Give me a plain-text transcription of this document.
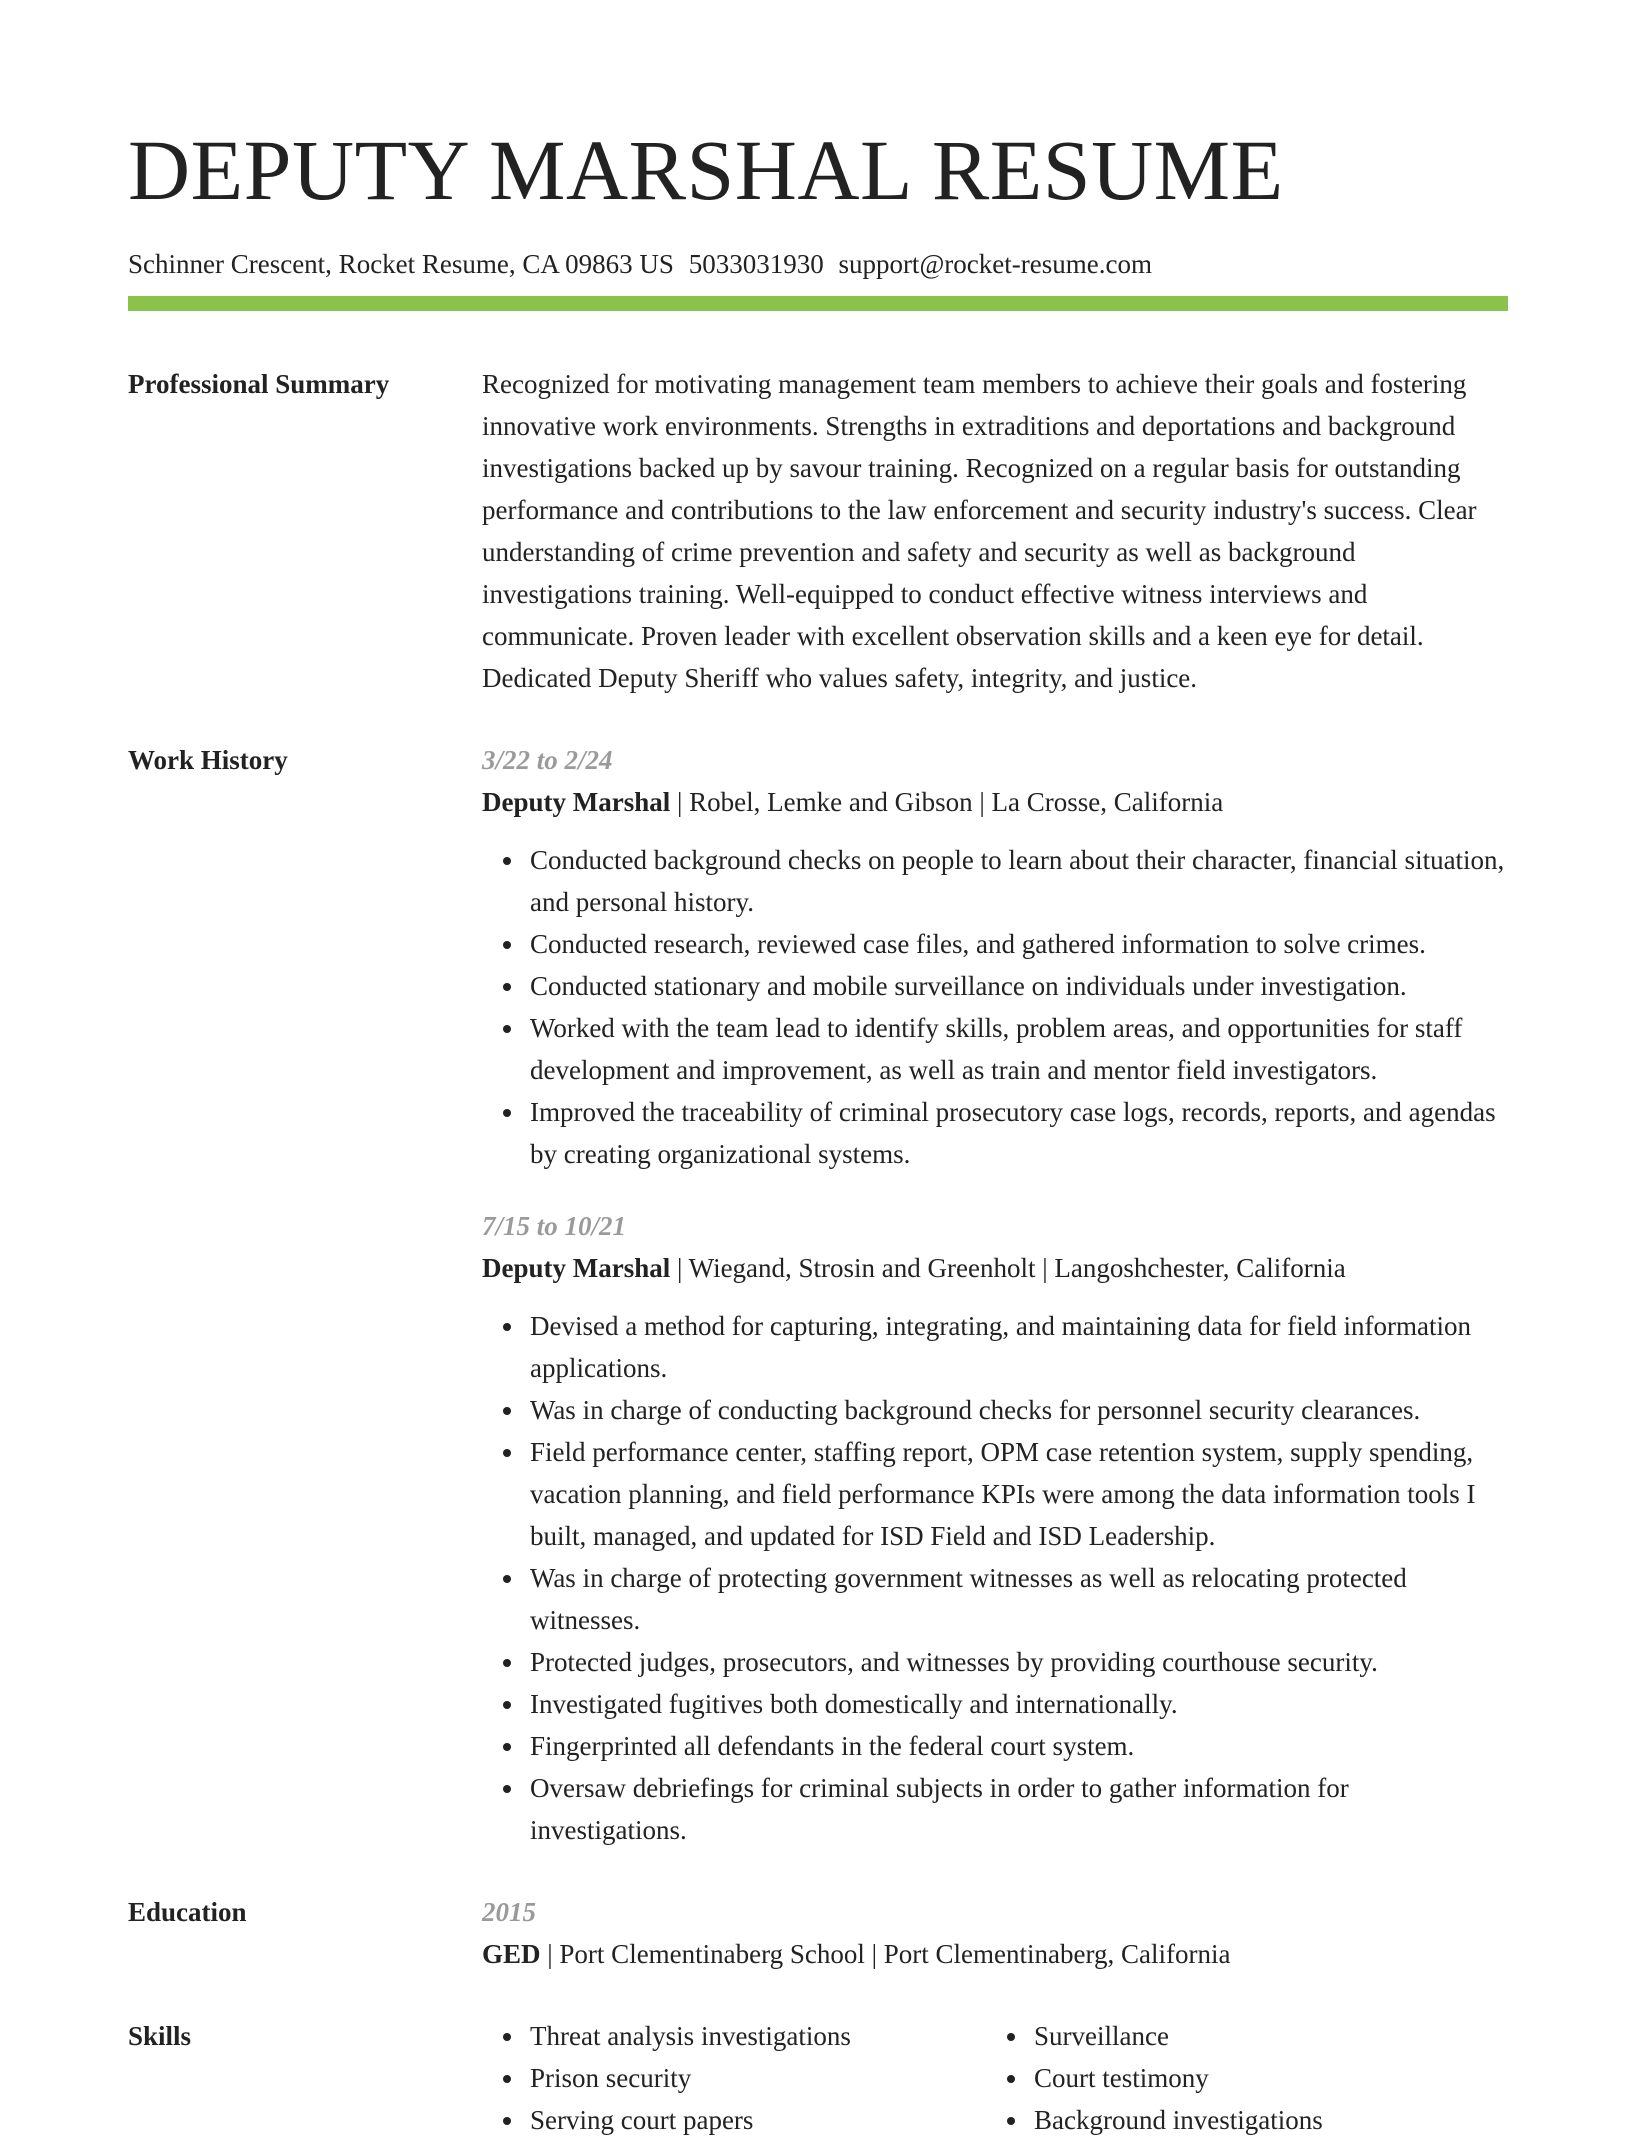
DEPUTY MARSHAL RESUME
Schinner Crescent, Rocket Resume, CA 09863 US 5033031930 support@rocket-resume.com
Professional Summary	Recognized for motivating management team members to achieve their goals and fostering innovative work environments. Strengths in extraditions and deportations and background investigations backed up by savour training. Recognized on a regular basis for outstanding performance and contributions to the law enforcement and security industry's success. Clear understanding of crime prevention and safety and security as well as background investigations training. Well-equipped to conduct effective witness interviews and communicate. Proven leader with excellent observation skills and a keen eye for detail. Dedicated Deputy Sheriff who values safety, integrity, and justice.

Work History	3/22 to 2/24
Deputy Marshal | Robel, Lemke and Gibson | La Crosse, California
• Conducted background checks on people to learn about their character, financial situation, and personal history.
• Conducted research, reviewed case files, and gathered information to solve crimes.
• Conducted stationary and mobile surveillance on individuals under investigation.
• Worked with the team lead to identify skills, problem areas, and opportunities for staff development and improvement, as well as train and mentor field investigators.
• Improved the traceability of criminal prosecutory case logs, records, reports, and agendas by creating organizational systems.
7/15 to 10/21
Deputy Marshal | Wiegand, Strosin and Greenholt | Langoshchester, California
• Devised a method for capturing, integrating, and maintaining data for field information applications.
• Was in charge of conducting background checks for personnel security clearances.
• Field performance center, staffing report, OPM case retention system, supply spending, vacation planning, and field performance KPIs were among the data information tools I built, managed, and updated for ISD Field and ISD Leadership.
• Was in charge of protecting government witnesses as well as relocating protected witnesses.
• Protected judges, prosecutors, and witnesses by providing courthouse security.
• Investigated fugitives both domestically and internationally.
• Fingerprinted all defendants in the federal court system.
• Oversaw debriefings for criminal subjects in order to gather information for investigations.
Education	2015
GED | Port Clementinaberg School | Port Clementinaberg, California
Skills
•	Threat analysis investigations
• Prison security
• Serving court papers
• Surveillance
• Court testimony
• Background investigations
